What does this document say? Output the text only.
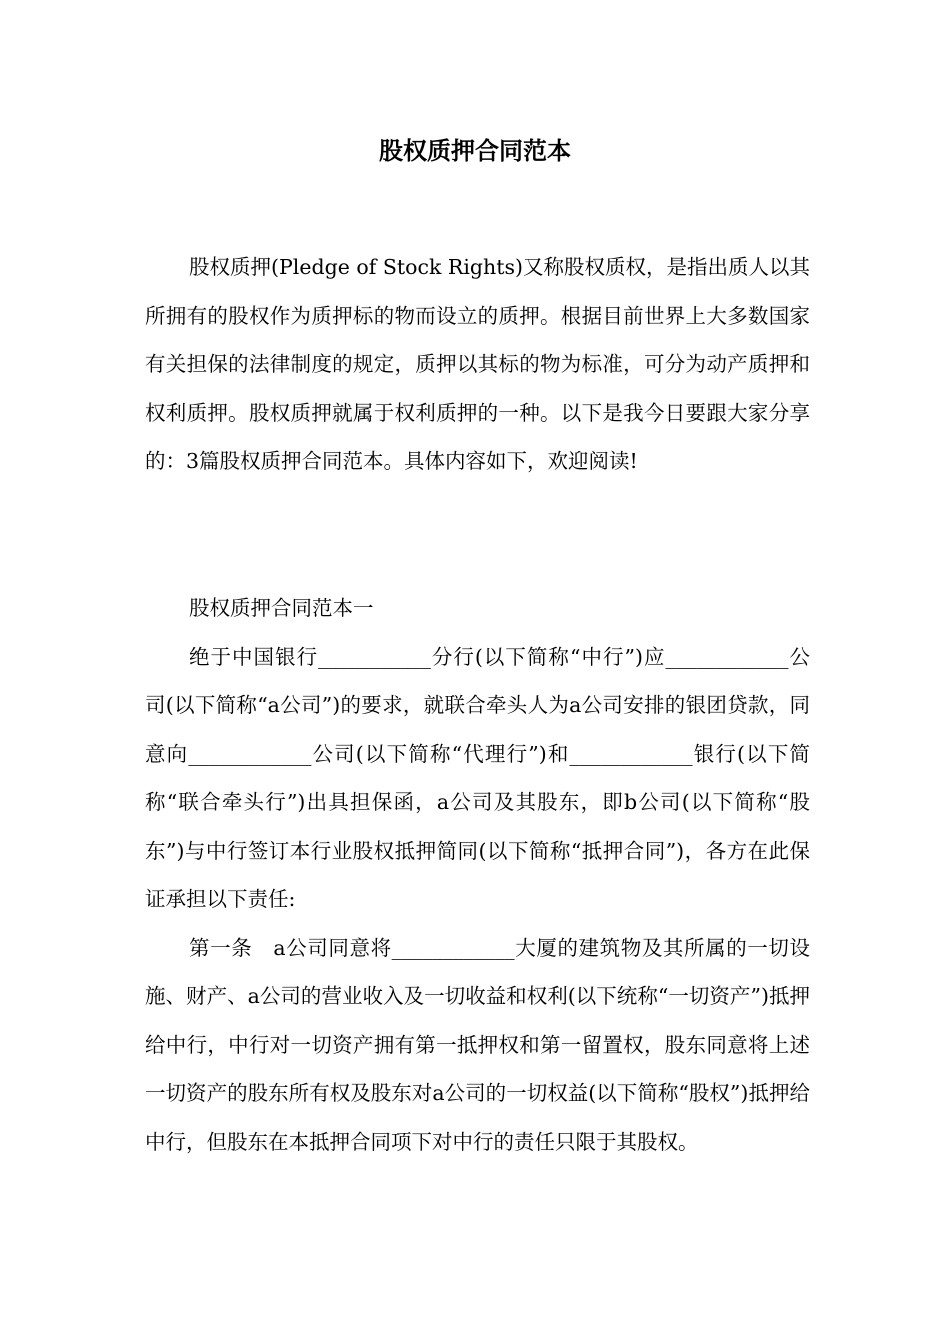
股权质押合同范本

股权质押(Pledge of Stock Rights)又称股权质权，是指出质人以其所拥有的股权作为质押标的物而设立的质押。根据目前世界上大多数国家有关担保的法律制度的规定，质押以其标的物为标准，可分为动产质押和权利质押。股权质押就属于权利质押的一种。以下是我今日要跟大家分享的：3篇股权质押合同范本。具体内容如下，欢迎阅读!

股权质押合同范本一

绝于中国银行___________分行(以下简称“中行”)应____________公司(以下简称“a公司”)的要求，就联合牵头人为a公司安排的银团贷款，同意向____________公司(以下简称“代理行”)和____________银行(以下简称“联合牵头行”)出具担保函，a公司及其股东，即b公司(以下简称“股东”)与中行签订本行业股权抵押简同(以下简称“抵押合同”)，各方在此保证承担以下责任:

第一条　a公司同意将____________大厦的建筑物及其所属的一切设施、财产、a公司的营业收入及一切收益和权利(以下统称“一切资产”)抵押给中行，中行对一切资产拥有第一抵押权和第一留置权，股东同意将上述一切资产的股东所有权及股东对a公司的一切权益(以下简称“股权”)抵押给中行，但股东在本抵押合同项下对中行的责任只限于其股权。
